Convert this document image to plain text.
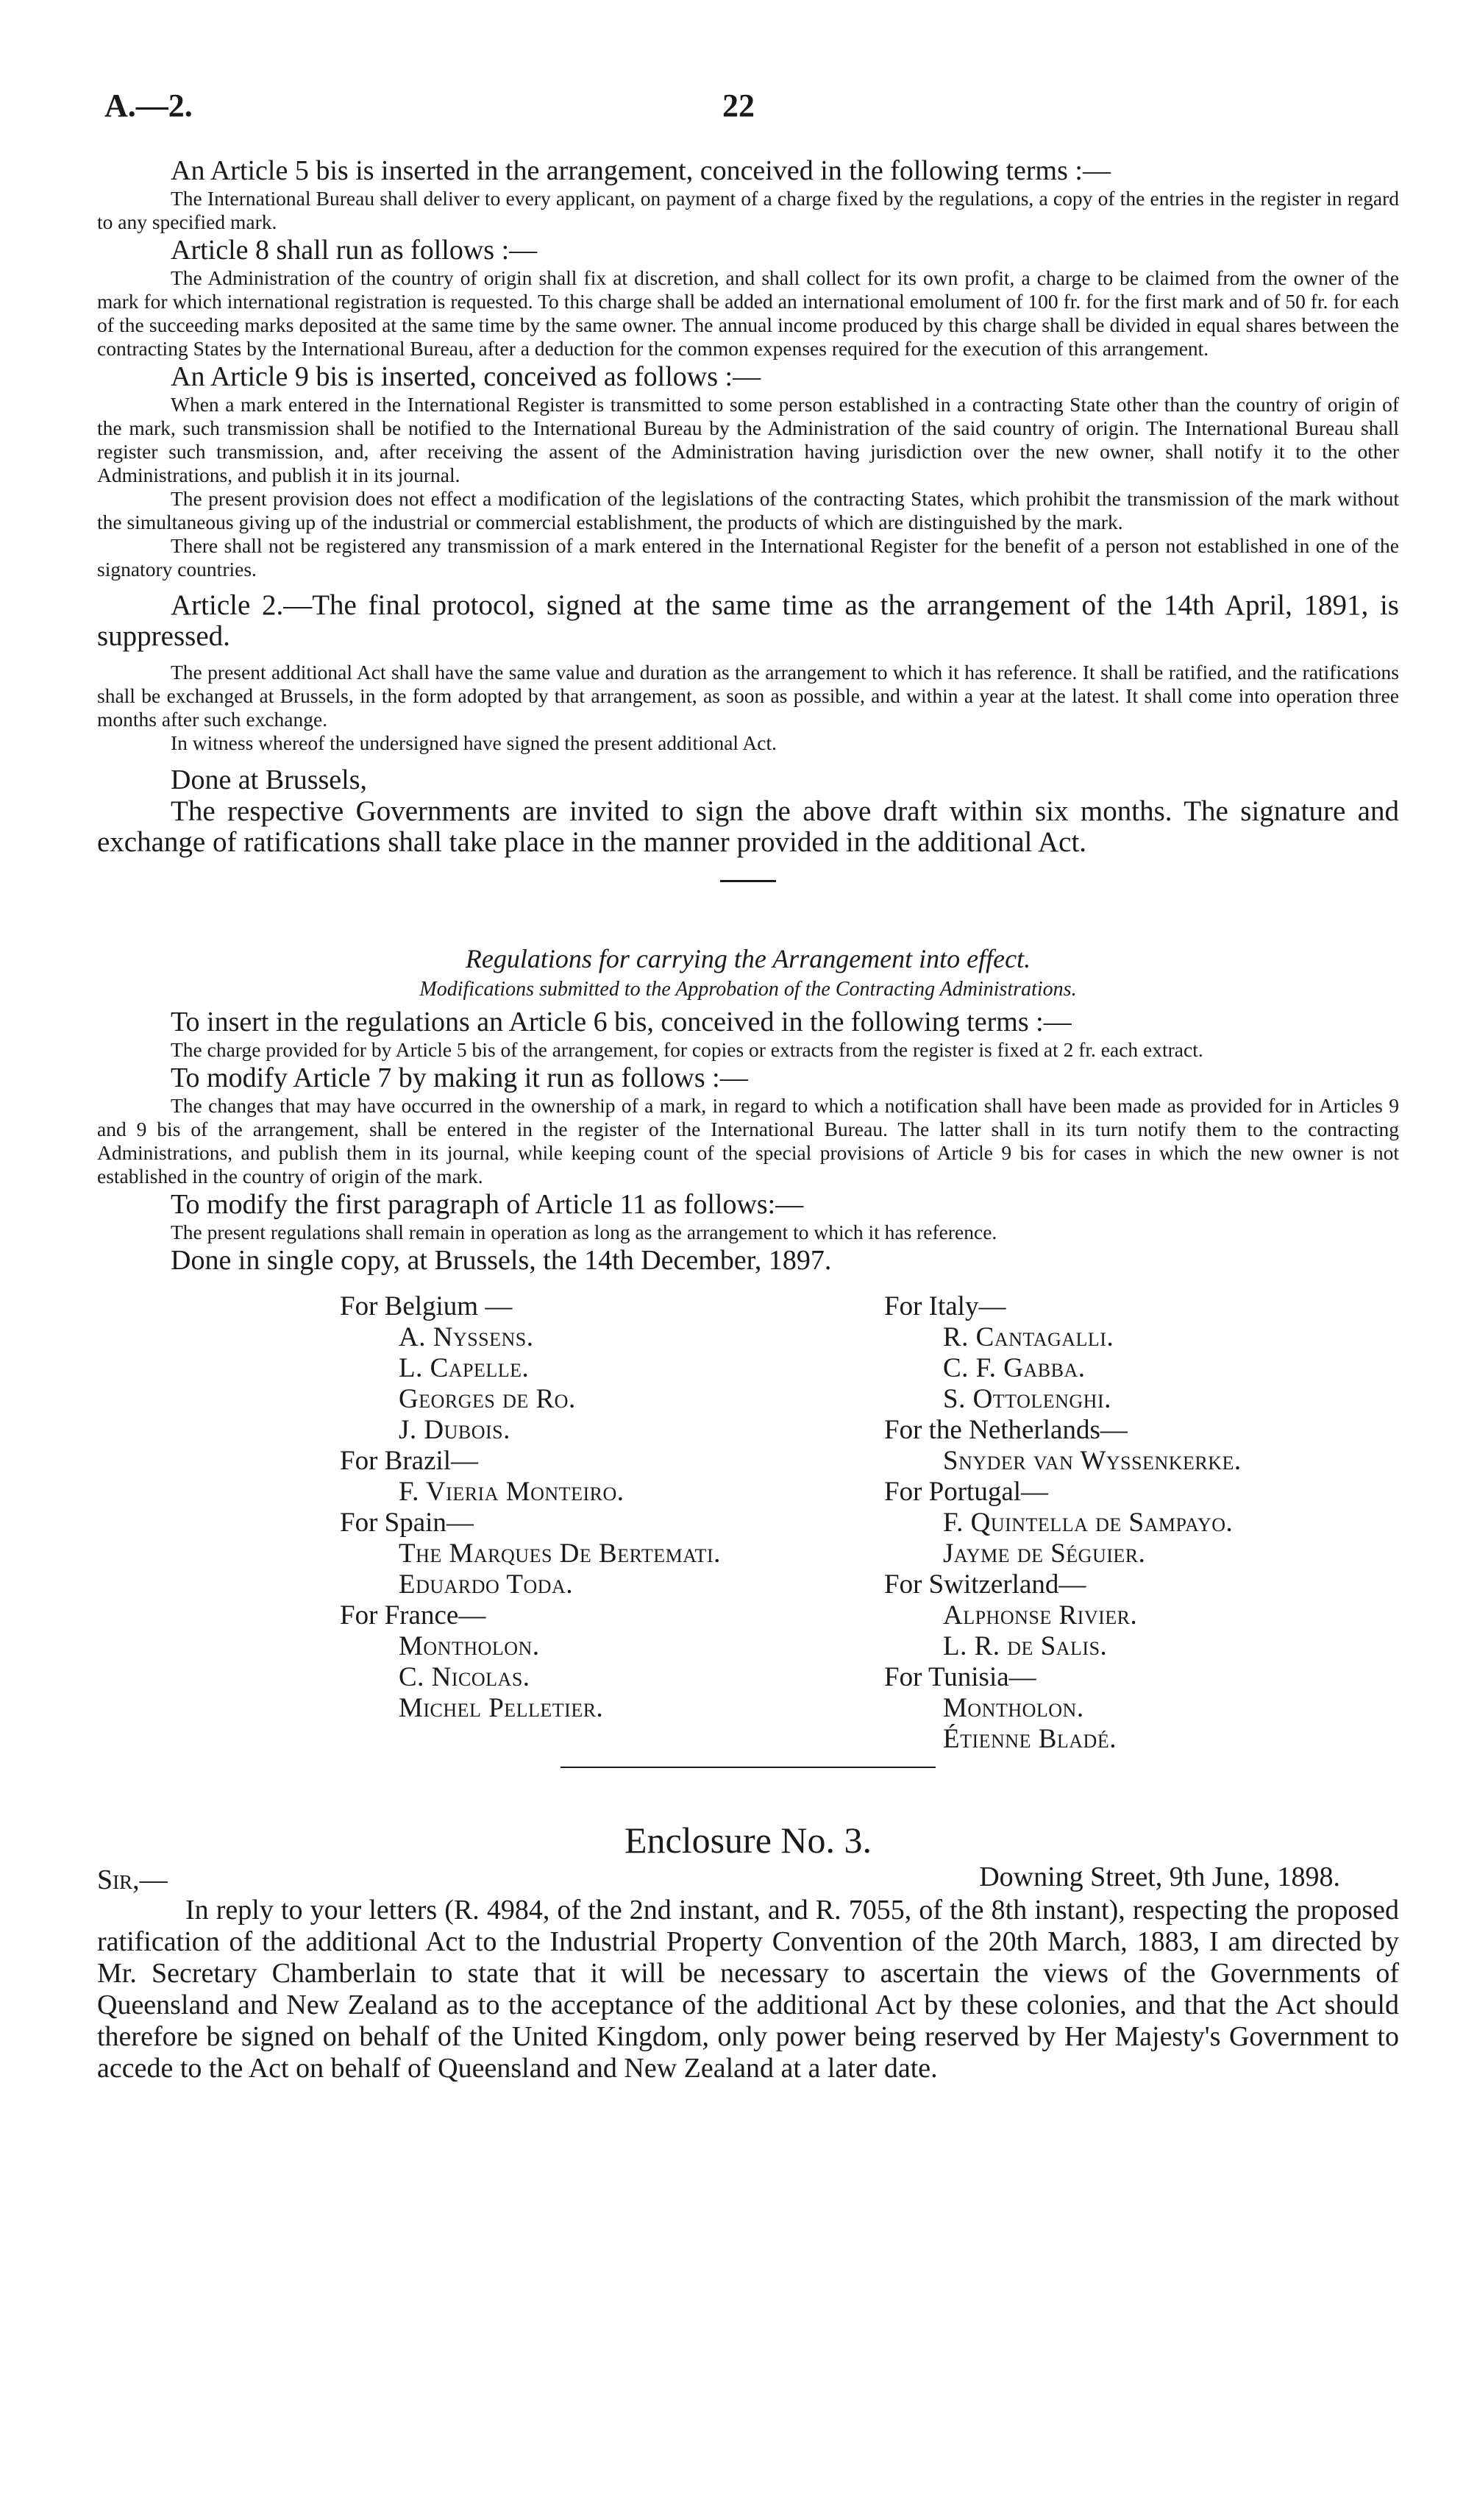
A.—2.	22

An Article 5 bis is inserted in the arrangement, conceived in the following terms :—

The International Bureau shall deliver to every applicant, on payment of a charge fixed by the regulations, a copy of the entries in the register in regard to any specified mark.

Article 8 shall run as follows :—

The Administration of the country of origin shall fix at discretion, and shall collect for its own profit, a charge to be claimed from the owner of the mark for which international registration is requested. To this charge shall be added an international emolument of 100 fr. for the first mark and of 50 fr. for each of the succeeding marks deposited at the same time by the same owner. The annual income produced by this charge shall be divided in equal shares between the contracting States by the International Bureau, after a deduction for the common expenses required for the execution of this arrangement.

An Article 9 bis is inserted, conceived as follows :—

When a mark entered in the International Register is transmitted to some person established in a contracting State other than the country of origin of the mark, such transmission shall be notified to the International Bureau by the Administration of the said country of origin. The International Bureau shall register such transmission, and, after receiving the assent of the Administration having jurisdiction over the new owner, shall notify it to the other Administrations, and publish it in its journal.

The present provision does not effect a modification of the legislations of the contracting States, which prohibit the transmission of the mark without the simultaneous giving up of the industrial or commercial establishment, the products of which are distinguished by the mark.

There shall not be registered any transmission of a mark entered in the International Register for the benefit of a person not established in one of the signatory countries.

Article 2.—The final protocol, signed at the same time as the arrangement of the 14th April, 1891, is suppressed.

The present additional Act shall have the same value and duration as the arrangement to which it has reference. It shall be ratified, and the ratifications shall be exchanged at Brussels, in the form adopted by that arrangement, as soon as possible, and within a year at the latest. It shall come into operation three months after such exchange.

In witness whereof the undersigned have signed the present additional Act.

Done at Brussels,

The respective Governments are invited to sign the above draft within six months. The signature and exchange of ratifications shall take place in the manner provided in the additional Act.

Regulations for carrying the Arrangement into effect.

Modifications submitted to the Approbation of the Contracting Administrations.

To insert in the regulations an Article 6 bis, conceived in the following terms :—

The charge provided for by Article 5 bis of the arrangement, for copies or extracts from the register is fixed at 2 fr. each extract.

To modify Article 7 by making it run as follows :—

The changes that may have occurred in the ownership of a mark, in regard to which a notification shall have been made as provided for in Articles 9 and 9 bis of the arrangement, shall be entered in the register of the International Bureau. The latter shall in its turn notify them to the contracting Administrations, and publish them in its journal, while keeping count of the special provisions of Article 9 bis for cases in which the new owner is not established in the country of origin of the mark.

To modify the first paragraph of Article 11 as follows:—

The present regulations shall remain in operation as long as the arrangement to which it has reference.

Done in single copy, at Brussels, the 14th December, 1897.

For Belgium —

A. Nyssens.

L. Capelle.

Georges de Ro.

J. Dubois.

For Brazil—

F. Vieria Monteiro.

For Spain—

The Marques De Bertemati.

Eduardo Toda.

For France—

Montholon.

C. Nicolas.

Michel Pelletier.

For Italy—

R. Cantagalli.

C. F. Gabba.

S. Ottolenghi.

For the Netherlands—

Snyder van Wyssenkerke.

For Portugal—

F. Quintella de Sampayo.

Jayme de Séguier.

For Switzerland—

Alphonse Rivier.

L. R. de Salis.

For Tunisia—

Montholon.

Étienne Bladé.

Enclosure No. 3.

Sir,—	Downing Street, 9th June, 1898.

In reply to your letters (R. 4984, of the 2nd instant, and R. 7055, of the 8th instant), respecting the proposed ratification of the additional Act to the Industrial Property Convention of the 20th March, 1883, I am directed by Mr. Secretary Chamberlain to state that it will be necessary to ascertain the views of the Governments of Queensland and New Zealand as to the acceptance of the additional Act by these colonies, and that the Act should therefore be signed on behalf of the United Kingdom, only power being reserved by Her Majesty's Government to accede to the Act on behalf of Queensland and New Zealand at a later date.
